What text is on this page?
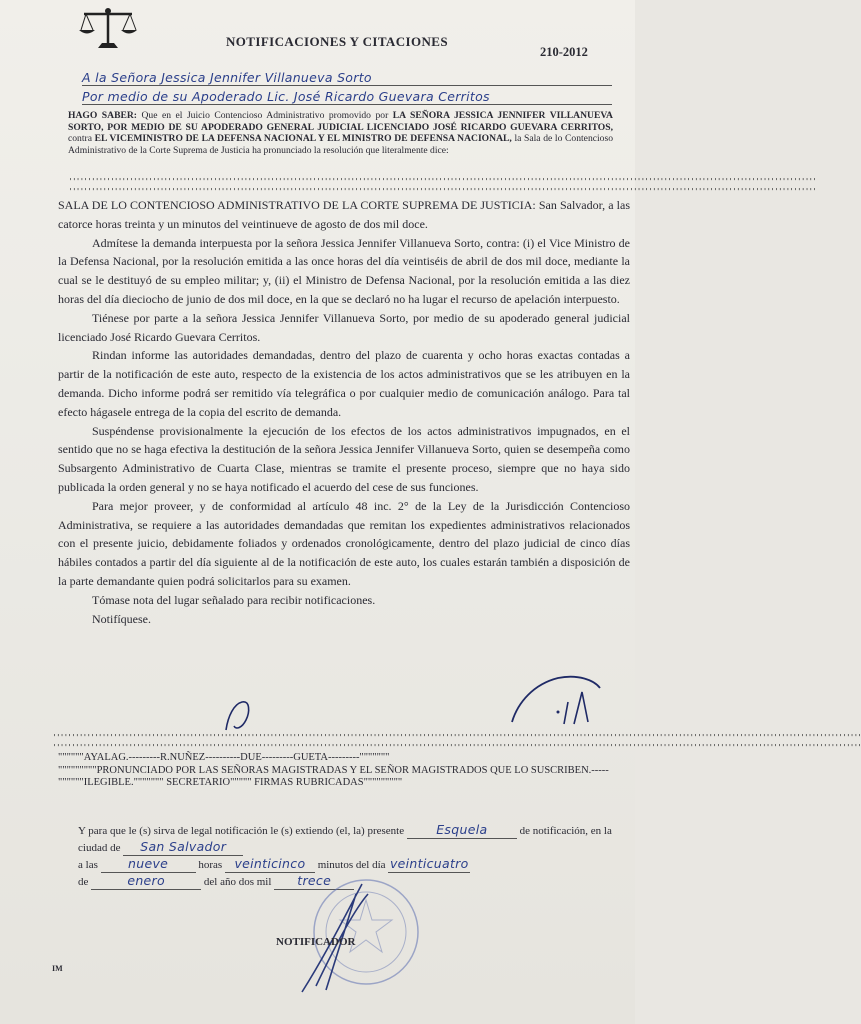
NOTIFICACIONES Y CITACIONES
210-2012
A la Señora Jessica Jennifer Villanueva Sorto
Por medio de su Apoderado Lic. José Ricardo Guevara Cerritos
HAGO SABER: Que en el Juicio Contencioso Administrativo promovido por LA SEÑORA JESSICA JENNIFER VILLANUEVA SORTO, POR MEDIO DE SU APODERADO GENERAL JUDICIAL LICENCIADO JOSÉ RICARDO GUEVARA CERRITOS, contra EL VICEMINISTRO DE LA DEFENSA NACIONAL Y EL MINISTRO DE DEFENSA NACIONAL, la Sala de lo Contencioso Administrativo de la Corte Suprema de Justicia ha pronunciado la resolución que literalmente dice:
''''''''''''''''''''''''''''''''''''''''''''''''''''''''''''''''''''''''''''''''''''''''''''''''''''''''''''''''''''''''''''''''''''''''''''''''''''''''''''''''''''''''''''''''''''''''''''''''''''
''''''''''''''''''''''''''''''''''''''''''''''''''''''''''''''''''''''''''''''''''''''''''''''''''''''''''''''''''''''''''''''''''''''''''''''''''''''''''''''''''''''''''''''''''''''''''''''''''''

SALA DE LO CONTENCIOSO ADMINISTRATIVO DE LA CORTE SUPREMA DE JUSTICIA: San Salvador, a las catorce horas treinta y un minutos del veintinueve de agosto de dos mil doce.

Admítese la demanda interpuesta por la señora Jessica Jennifer Villanueva Sorto, contra: (i) el Vice Ministro de la Defensa Nacional, por la resolución emitida a las once horas del día veintiséis de abril de dos mil doce, mediante la cual se le destituyó de su empleo militar; y, (ii) el Ministro de Defensa Nacional, por la resolución emitida a las diez horas del día dieciocho de junio de dos mil doce, en la que se declaró no ha lugar el recurso de apelación interpuesto.

Tiénese por parte a la señora Jessica Jennifer Villanueva Sorto, por medio de su apoderado general judicial licenciado José Ricardo Guevara Cerritos.

Rindan informe las autoridades demandadas, dentro del plazo de cuarenta y ocho horas exactas contadas a partir de la notificación de este auto, respecto de la existencia de los actos administrativos que se les atribuyen en la demanda. Dicho informe podrá ser remitido vía telegráfica o por cualquier medio de comunicación análogo. Para tal efecto hágasele entrega de la copia del escrito de demanda.

Suspéndense provisionalmente la ejecución de los efectos de los actos administrativos impugnados, en el sentido que no se haga efectiva la destitución de la señora Jessica Jennifer Villanueva Sorto, quien se desempeña como Subsargento Administrativo de Cuarta Clase, mientras se tramite el presente proceso, siempre que no haya sido publicada la orden general y no se haya notificado el acuerdo del cese de sus funciones.

Para mejor proveer, y de conformidad al artículo 48 inc. 2° de la Ley de la Jurisdicción Contencioso Administrativa, se requiere a las autoridades demandadas que remitan los expedientes administrativos relacionados con el presente juicio, debidamente foliados y ordenados cronológicamente, dentro del plazo judicial de cinco días hábiles contados a partir del día siguiente al de la notificación de este auto, los cuales estarán también a disposición de la parte demandante quien podrá solicitarlos para su examen.

Tómase nota del lugar señalado para recibir notificaciones.

Notifíquese.

''''''''''''''''''''''''''''''''''''''''''''''''''''''''''''''''''''''''''''''''''''''''''''''''''''''''''''''''''''''''''''''''''''''''''''''''''''''''''''''''''''''''''''''''''''''''''''''''''''''''''''''''''''
''''''''''''''''''''''''''''''''''''''''''''''''''''''''''''''''''''''''''''''''''''''''''''''''''''''''''''''''''''''''''''''''''''''''''''''''''''''''''''''''''''''''''''''''''''''''''''''''''''''''''''''''''''
""""""AYALAG.---------R.NUÑEZ----------DUE---------GUETA---------"""""""
"""""""""PRONUNCIADO POR LAS SEÑORAS MAGISTRADAS Y EL SEÑOR MAGISTRADOS QUE LO SUSCRIBEN.-----""""""ILEGIBLE.""""""" SECRETARIO""""" FIRMAS RUBRICADAS"""""""""
Y para que le (s) sirva de legal notificación le (s) extiendo (el, la) presente	Esquela	de notificación, en la ciudad de San Salvador
a las nueve	horas veinticinco minutos del día veinticuatro
de	enero	del año dos mil trece
NOTIFICADOR
IM
